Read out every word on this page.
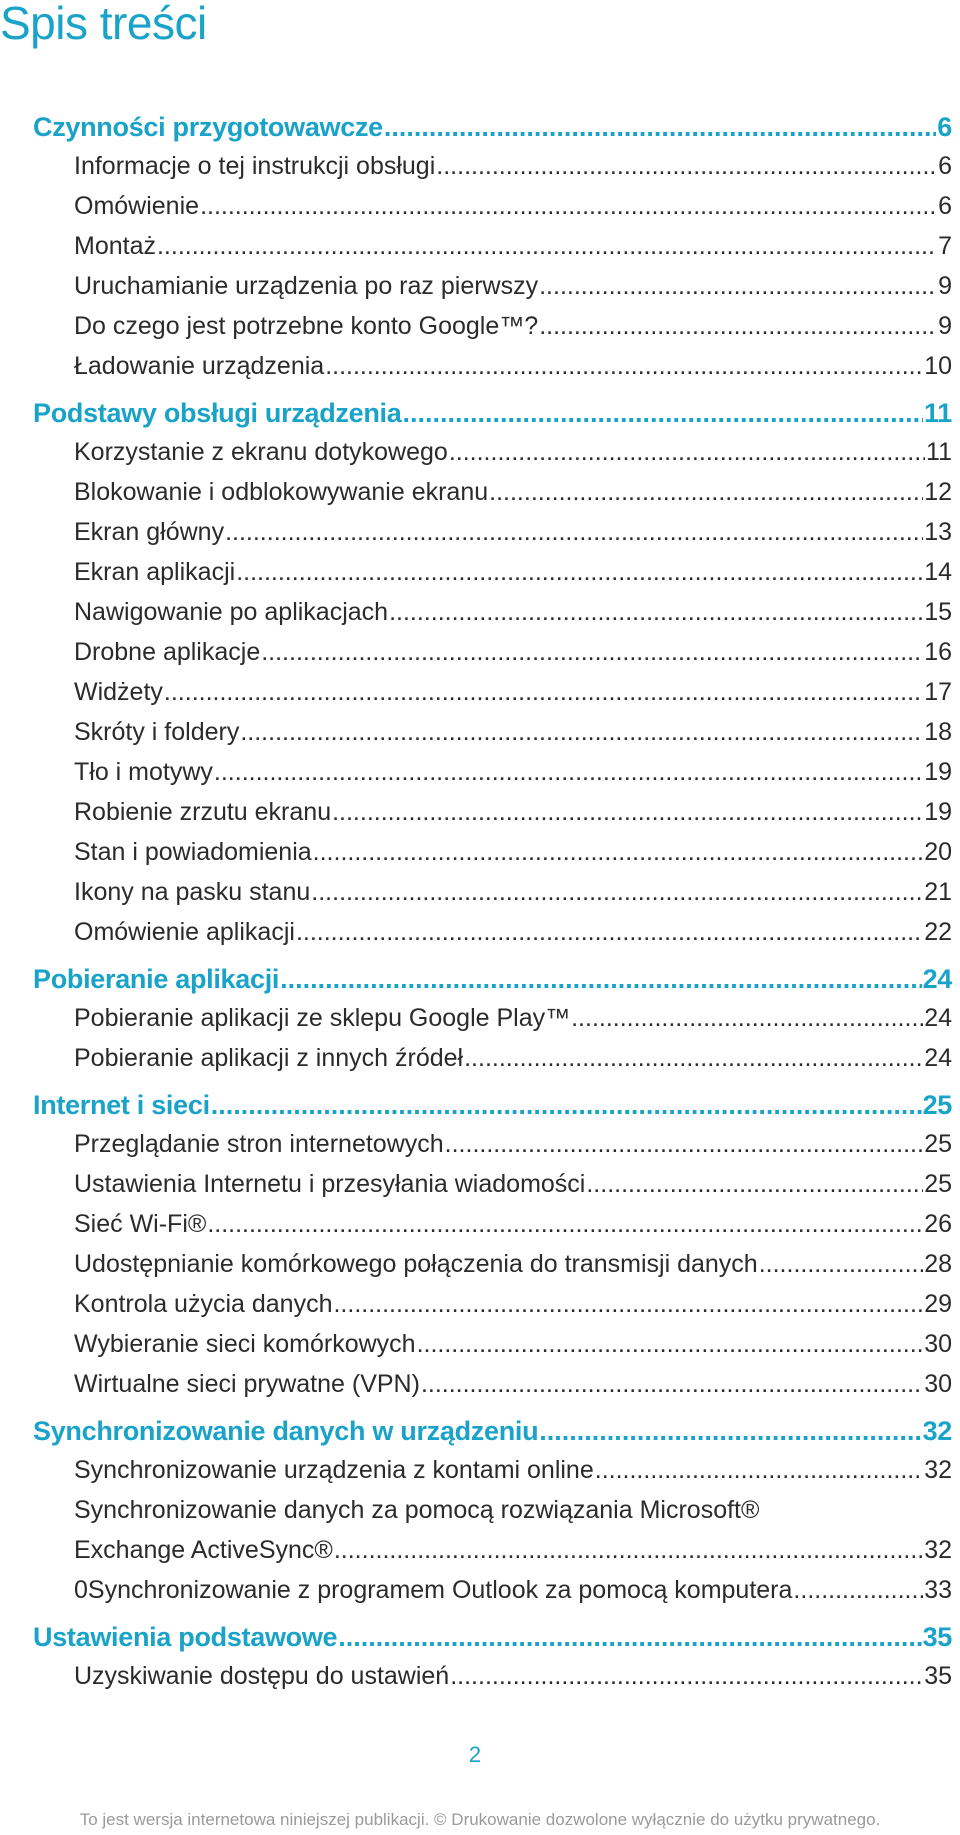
Spis treści
Czynności przygotowawcze .....	6
Informacje o tej instrukcji obsługi .....	6
Omówienie .....	6
Montaż .....	7
Uruchamianie urządzenia po raz pierwszy .....	9
Do czego jest potrzebne konto Google™? .....	9
Ładowanie urządzenia .....	10
Podstawy obsługi urządzenia .....	11
Korzystanie z ekranu dotykowego .....	11
Blokowanie i odblokowywanie ekranu .....	12
Ekran główny .....	13
Ekran aplikacji .....	14
Nawigowanie po aplikacjach .....	15
Drobne aplikacje .....	16
Widżety .....	17
Skróty i foldery .....	18
Tło i motywy .....	19
Robienie zrzutu ekranu .....	19
Stan i powiadomienia .....	20
Ikony na pasku stanu .....	21
Omówienie aplikacji .....	22
Pobieranie aplikacji .....	24
Pobieranie aplikacji ze sklepu Google Play™ .....	24
Pobieranie aplikacji z innych źródeł .....	24
Internet i sieci .....	25
Przeglądanie stron internetowych .....	25
Ustawienia Internetu i przesyłania wiadomości .....	25
Sieć Wi-Fi® .....	26
Udostępnianie komórkowego połączenia do transmisji danych .....	28
Kontrola użycia danych .....	29
Wybieranie sieci komórkowych .....	30
Wirtualne sieci prywatne (VPN) .....	30
Synchronizowanie danych w urządzeniu .....	32
Synchronizowanie urządzenia z kontami online .....	32
Synchronizowanie danych za pomocą rozwiązania Microsoft®
Exchange ActiveSync® .....	32
0Synchronizowanie z programem Outlook za pomocą komputera .....	33
Ustawienia podstawowe .....	35
Uzyskiwanie dostępu do ustawień .....	35
2
To jest wersja internetowa niniejszej publikacji. © Drukowanie dozwolone wyłącznie do użytku prywatnego.
